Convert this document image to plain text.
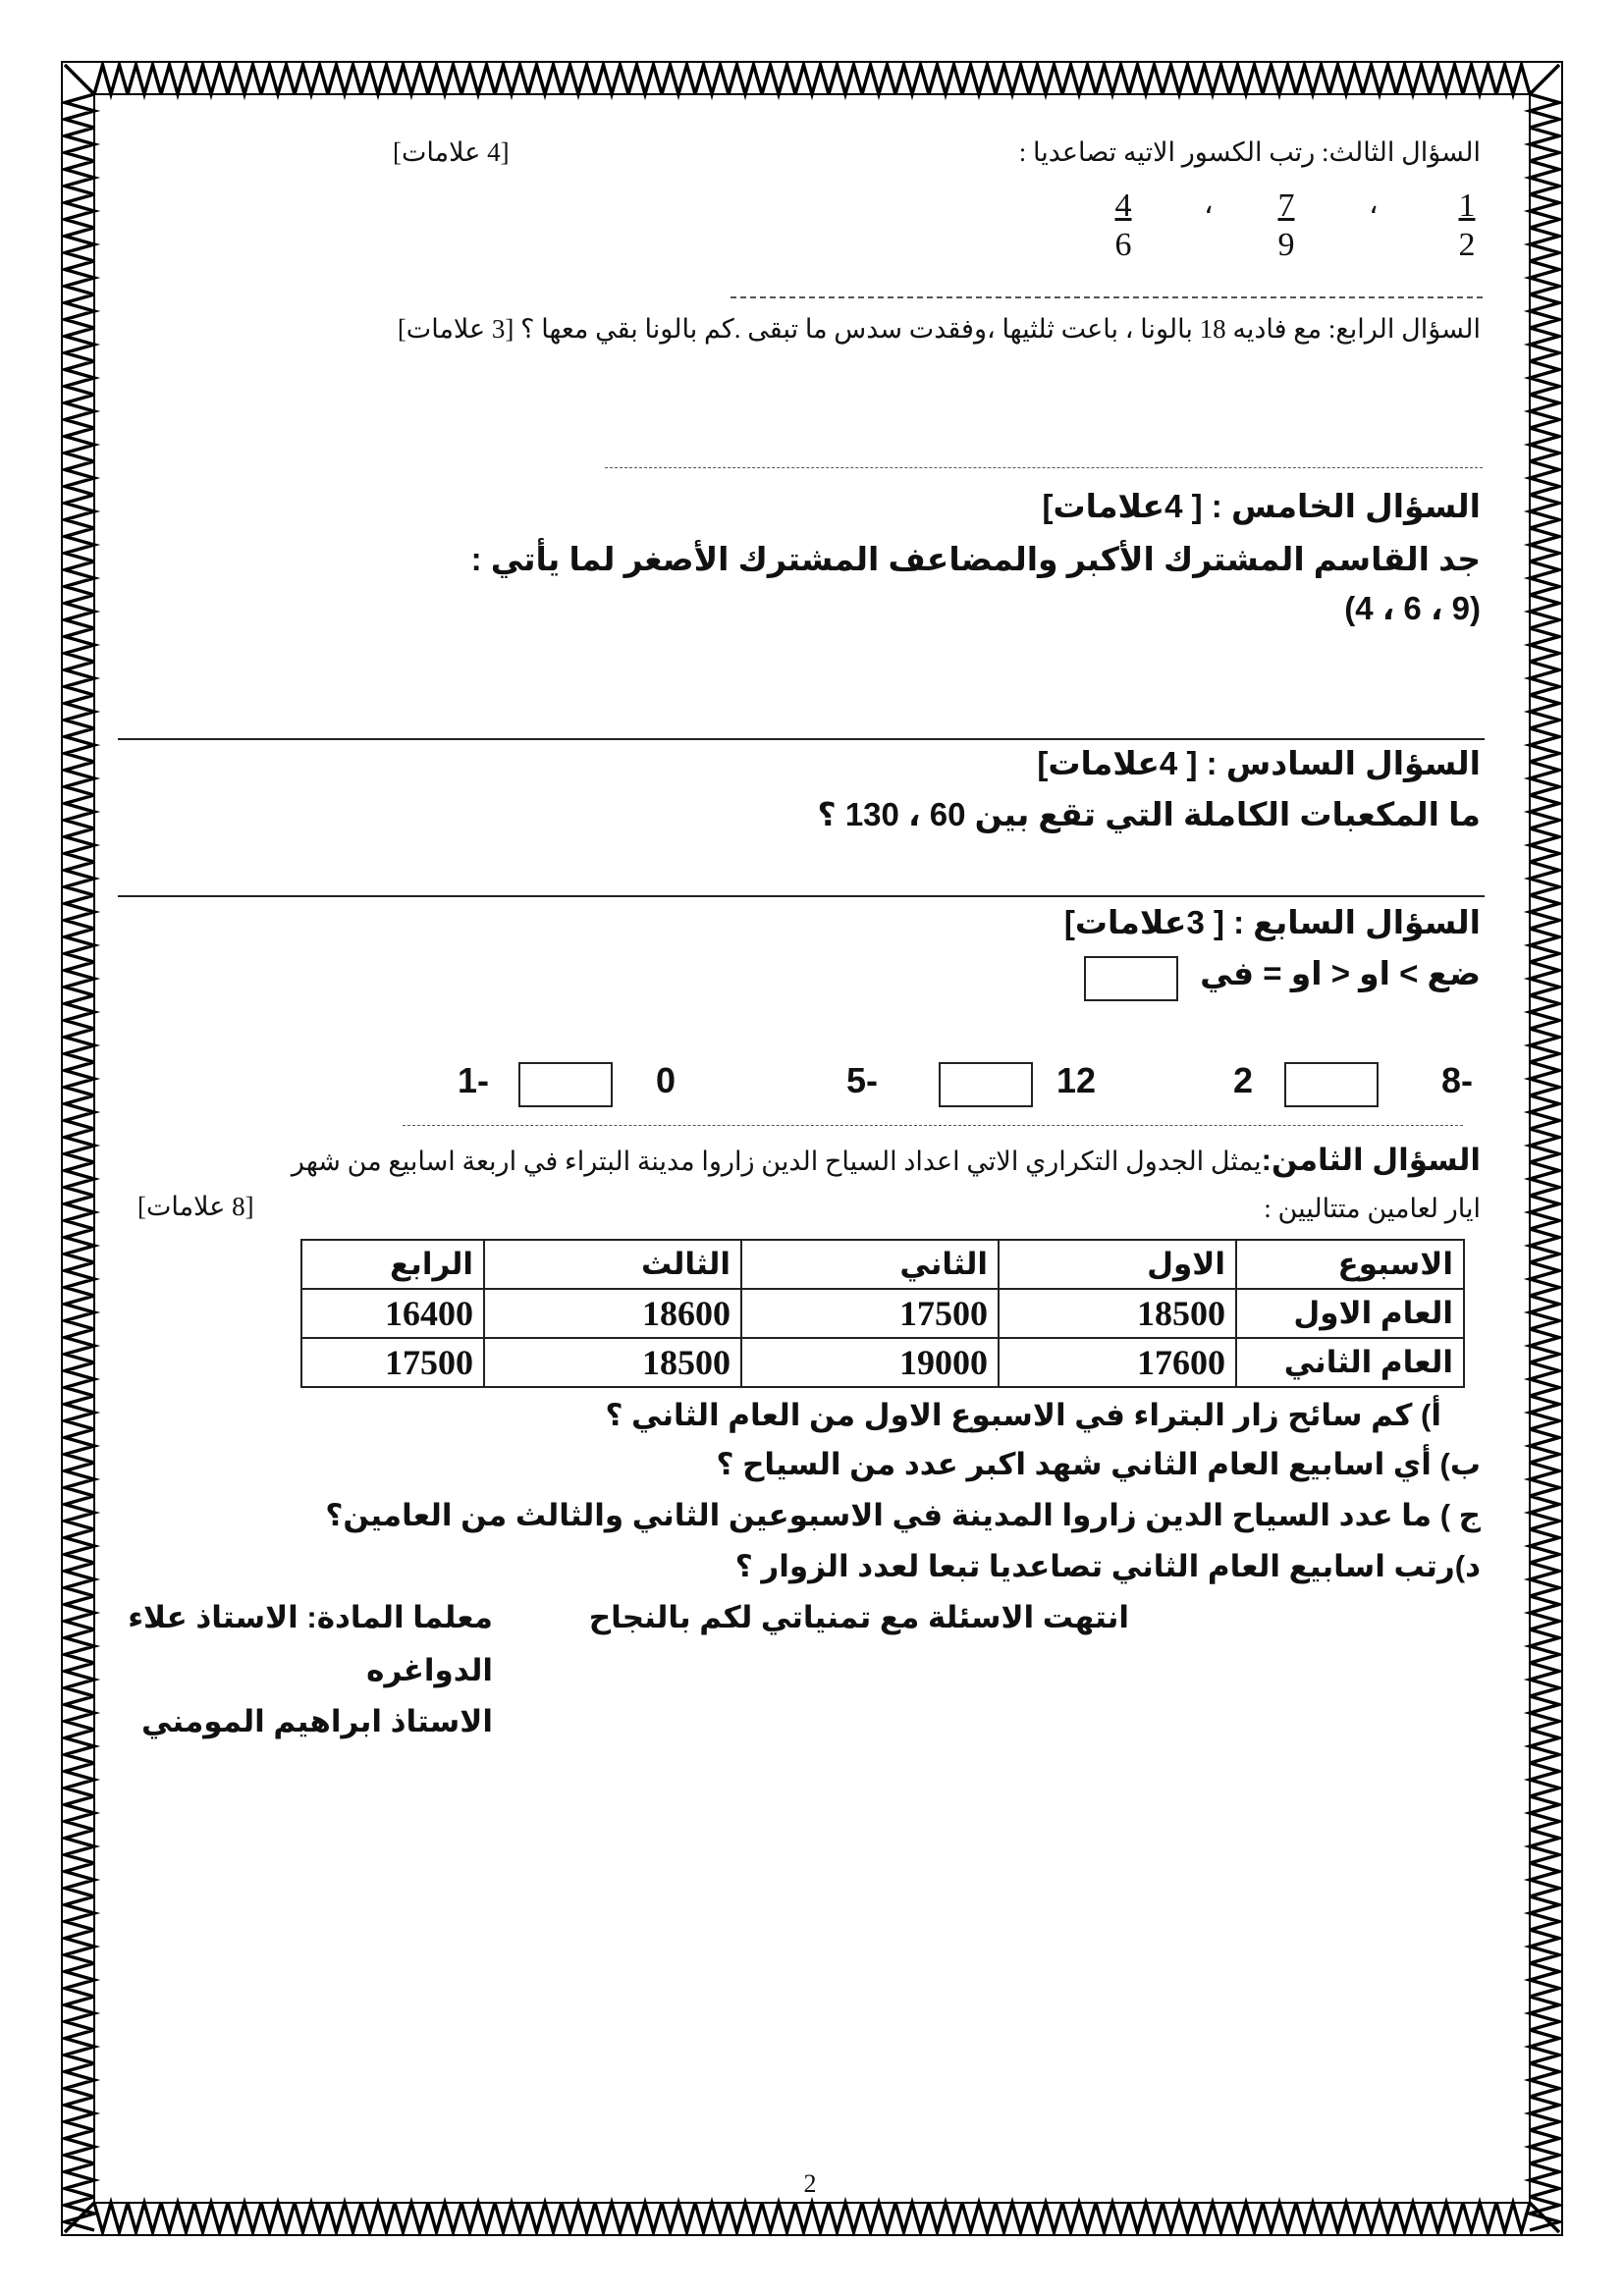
السؤال الثالث: رتب الكسور الاتيه تصاعديا :
[4 علامات]
$\frac{1}{2}$
،
$\frac{7}{9}$
،
$\frac{4}{6}$
السؤال الرابع: مع فاديه 18 بالونا ، باعت ثلثيها ،وفقدت سدس ما تبقى .كم بالونا بقي معها ؟ [3 علامات]
السؤال الخامس : [ 4علامات]
جد القاسم المشترك الأكبر والمضاعف المشترك الأصغر لما يأتي :
(4 ، 6 ، 9)
السؤال السادس : [ 4علامات]
ما المكعبات الكاملة التي تقع بين 60 ، 130 ؟
السؤال السابع : [ 3علامات]
ضع > او < او = في
8-
2
12
5-
0
1-
السؤال الثامن:يمثل الجدول التكراري الاتي اعداد السياح الدين زاروا مدينة البتراء في اربعة اسابيع من شهر
ايار لعامين متتاليين :
[8 علامات]
الاسبوع	الاول	الثاني	الثالث	الرابع
العام الاول	18500	17500	18600	16400
العام الثاني	17600	19000	18500	17500
أ) كم سائح زار البتراء في الاسبوع الاول من العام الثاني ؟
ب) أي اسابيع العام الثاني شهد اكبر عدد من السياح ؟
ج ) ما عدد السياح الدين زاروا المدينة في الاسبوعين الثاني والثالث من العامين؟
د)رتب اسابيع العام الثاني تصاعديا تبعا لعدد الزوار ؟
انتهت الاسئلة مع تمنياتي لكم بالنجاح
معلما المادة: الاستاذ علاء
الدواغره
الاستاذ ابراهيم المومني
2
